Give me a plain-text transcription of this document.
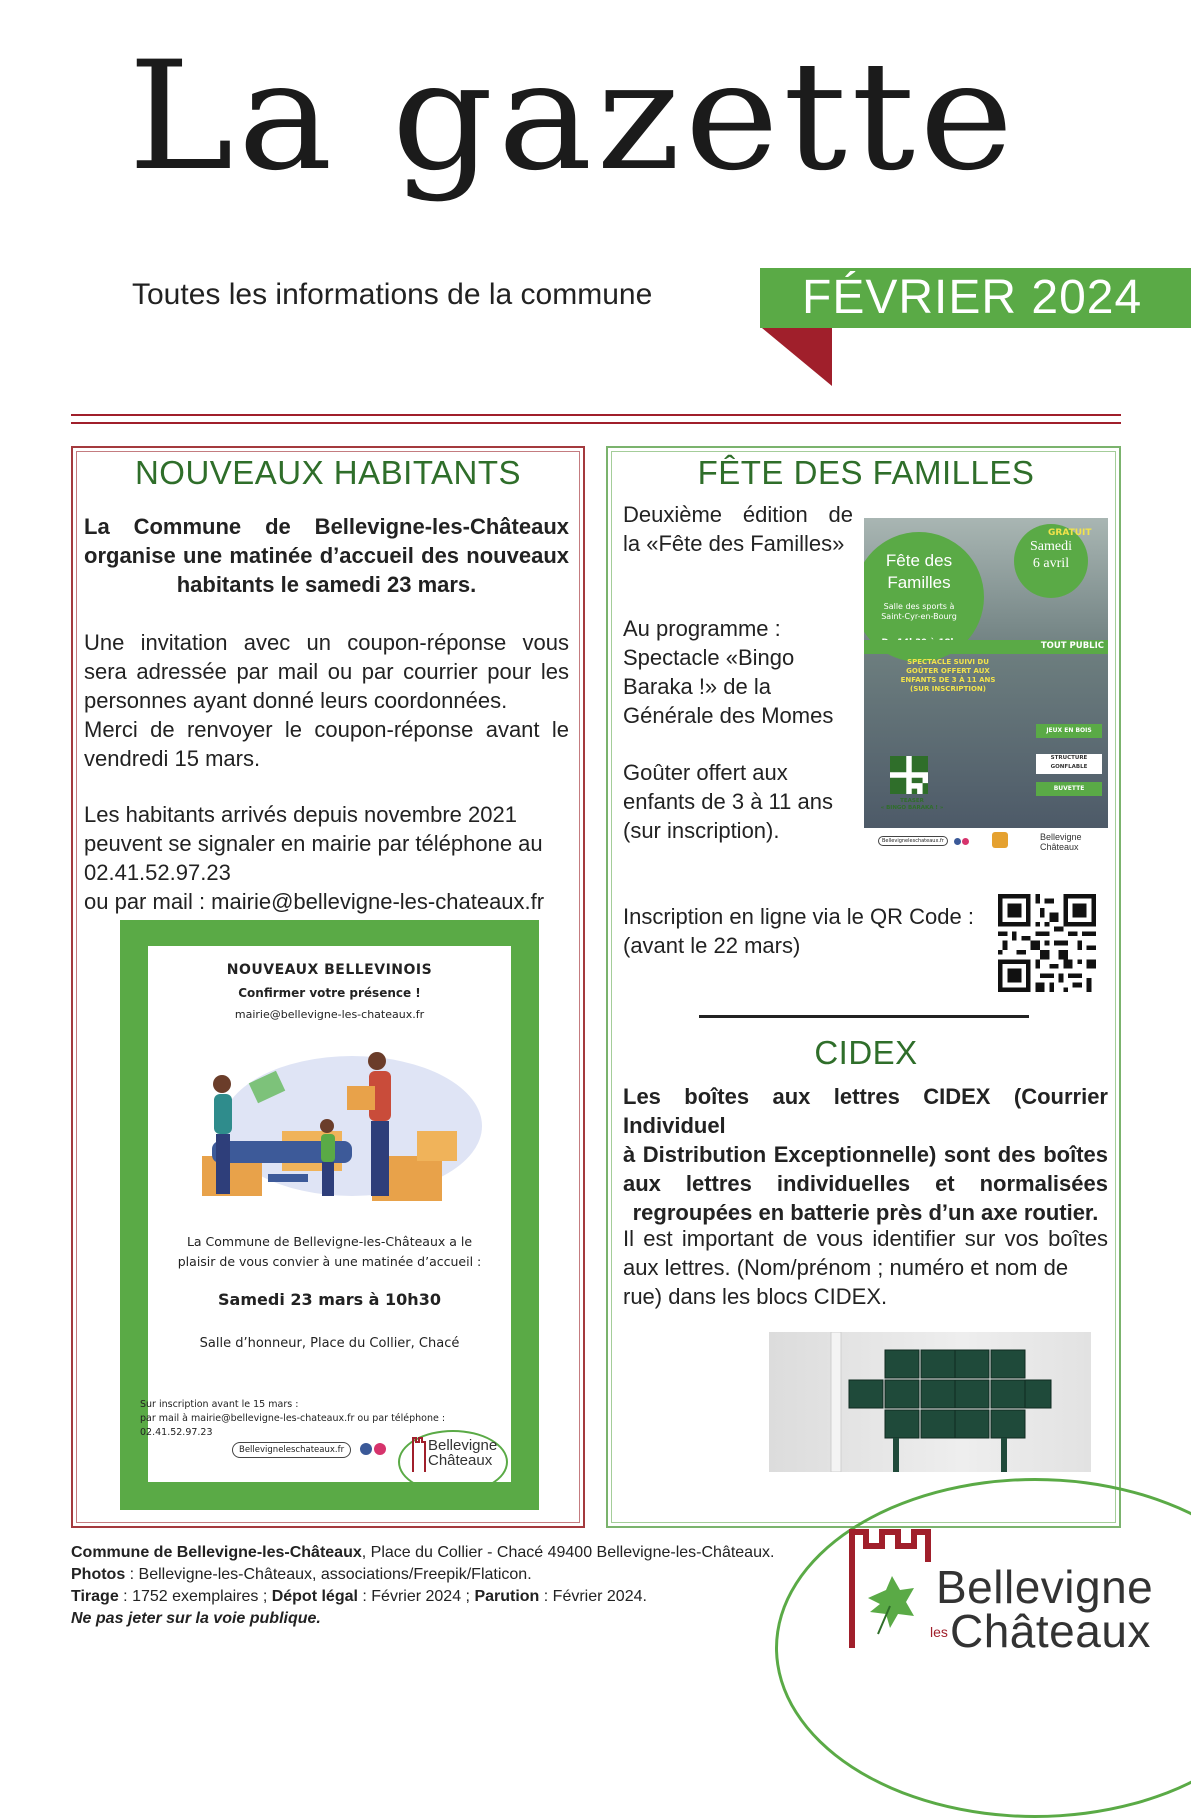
La gazette
Toutes les informations de la commune	FÉVRIER 2024
NOUVEAUX HABITANTS
La Commune de Bellevigne-les-Châteaux
organise une matinée d’accueil des nouveaux
habitants le samedi 23 mars.
Une invitation avec un coupon-réponse vous
sera adressée par mail ou par courrier pour les
personnes ayant donné leurs coordonnées.
Merci de renvoyer le coupon-réponse avant le
vendredi 15 mars.
Les habitants arrivés depuis novembre 2021
peuvent se signaler en mairie par téléphone au
02.41.52.97.23
ou par mail : mairie@bellevigne-les-chateaux.fr
NOUVEAUX BELLEVINOIS
Confirmer votre présence !
mairie@bellevigne-les-chateaux.fr
La Commune de Bellevigne-les-Châteaux a le
plaisir de vous convier à une matinée d’accueil :
Samedi 23 mars à 10h30
Salle d’honneur, Place du Collier, Chacé
Sur inscription avant le 15 mars :
par mail à mairie@bellevigne-les-chateaux.fr ou par téléphone :
02.41.52.97.23
Bellevigneleschateaux.fr	Bellevigne
Châteaux
FÊTE DES FAMILLES
Deuxième édition de
la «Fête des Familles»
Au programme :
Spectacle «Bingo
Baraka !» de la
Générale des Momes
Goûter offert aux
enfants de 3 à 11 ans
(sur inscription).
Fête des
Familles
Salle des sports à
Saint-Cyr-en-Bourg
Samedi
6 avril
GRATUIT
TOUT PUBLIC
SPECTACLE SUIVI DU
GOÛTER OFFERT AUX
ENFANTS DE 3 À 11 ANS
(SUR INSCRIPTION)
JEUX EN BOIS
STRUCTURE
GONFLABLE
BUVETTE
TEASER
« BINGO BARAKA ! »
Bellevigneleschateaux.fr	Bellevigne
Châteaux
Inscription en ligne via le QR Code :
(avant le 22 mars)
CIDEX
Les boîtes aux lettres CIDEX (Courrier Individuel
à Distribution Exceptionnelle) sont des boîtes
aux lettres individuelles et normalisées
regroupées en batterie près d’un axe routier.
Il est important de vous identifier sur vos boîtes
aux lettres. (Nom/prénom ; numéro et nom de
rue) dans les blocs CIDEX.
Commune de Bellevigne-les-Châteaux, Place du Collier - Chacé 49400 Bellevigne-les-Châteaux.
Photos : Bellevigne-les-Châteaux, associations/Freepik/Flaticon.
Tirage : 1752 exemplaires ; Dépot légal : Février 2024 ; Parution : Février 2024.
Ne pas jeter sur la voie publique.
Bellevigne
les Châteaux
